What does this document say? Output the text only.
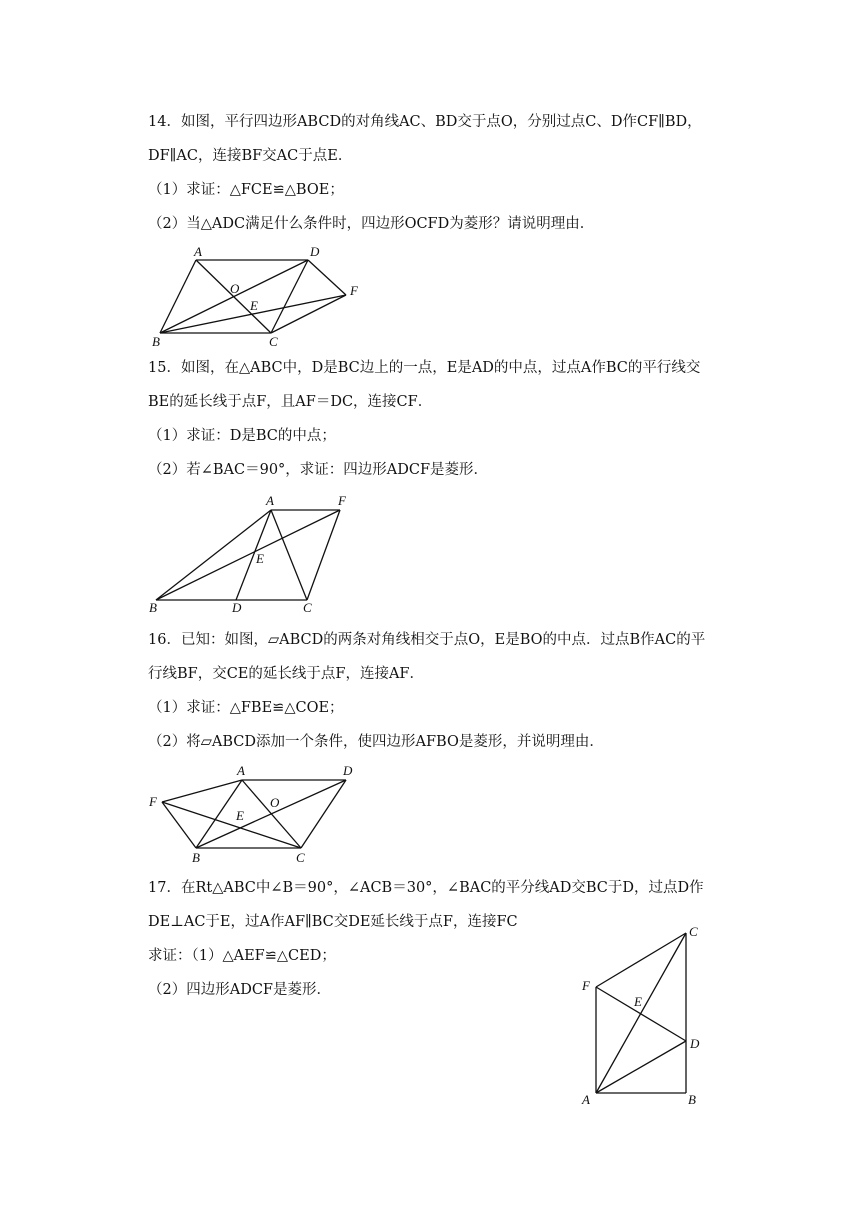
14．如图，平行四边形ABCD的对角线AC、BD交于点O，分别过点C、D作CF∥BD，
DF∥AC，连接BF交AC于点E．
（1）求证：△FCE≌△BOE；
（2）当△ADC满足什么条件时，四边形OCFD为菱形？请说明理由．
A	D
O
E
F
B	C
15．如图，在△ABC中，D是BC边上的一点，E是AD的中点，过点A作BC的平行线交
BE的延长线于点F，且AF＝DC，连接CF．
（1）求证：D是BC的中点；
（2）若∠BAC＝90°，求证：四边形ADCF是菱形．
A	F
E
B	D	C
16．已知：如图，▱ABCD的两条对角线相交于点O，E是BO的中点．过点B作AC的平
行线BF，交CE的延长线于点F，连接AF．
（1）求证：△FBE≌△COE；
（2）将▱ABCD添加一个条件，使四边形AFBO是菱形，并说明理由．
A	D
F	O
E
B	C
17．在Rt△ABC中∠B＝90°，∠ACB＝30°，∠BAC的平分线AD交BC于D，过点D作
DE⊥AC于E，过A作AF∥BC交DE延长线于点F，连接FC
求证：（1）△AEF≌△CED；
（2）四边形ADCF是菱形．
C
F
E
D
A	B
